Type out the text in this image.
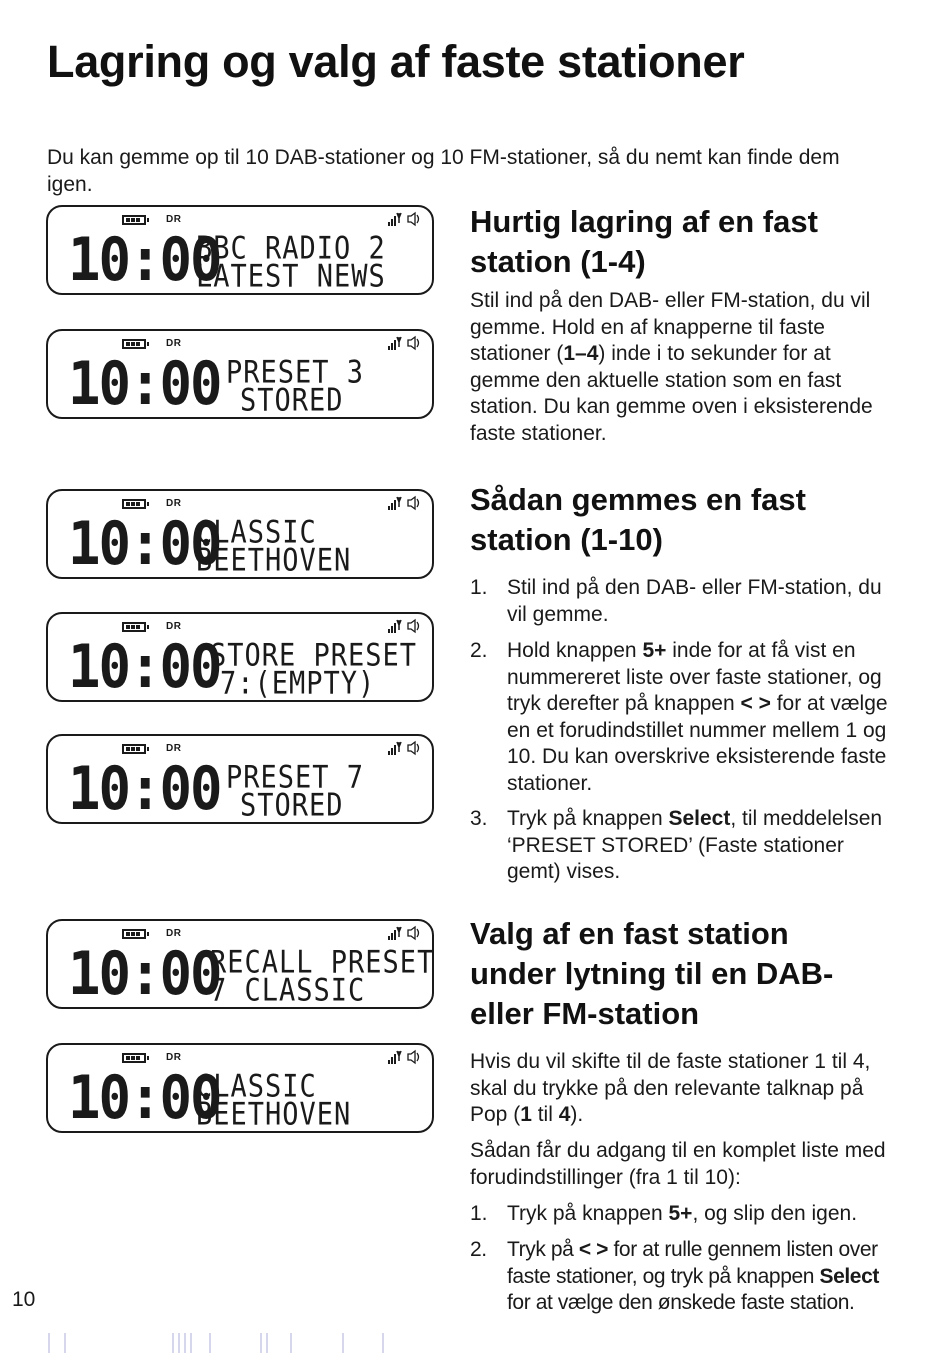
Lagring og valg af faste stationer

Du kan gemme op til 10 DAB-stationer og 10 FM-stationer, så du nemt kan finde dem igen.

DR
10:00
BBC RADIO 2
LATEST NEWS
DR
10:00 PRESET 3
STORED
DR
10:00
CLASSIC
BEETHOVEN
DR
10:00
STORE PRESET
7:(EMPTY)
DR
10:00 PRESET 7
STORED
DR
10:00
RECALL PRESET
7 CLASSIC
DR
10:00
CLASSIC
BEETHOVEN
Hurtig lagring af en fast
station (1-4)

Stil ind på den DAB- eller FM-station, du vil gemme. Hold en af knapperne til faste stationer (1–4) inde i to sekunder for at gemme den aktuelle station som en fast station. Du kan gemme oven i eksisterende faste stationer.

Sådan gemmes en fast
station (1-10)
1. Stil ind på den DAB- eller FM-station, du vil gemme.
2. Hold knappen 5+ inde for at få vist en nummereret liste over faste stationer, og tryk derefter på knappen < > for at vælge en et forudindstillet nummer mellem 1 og 10. Du kan overskrive eksisterende faste stationer.
3. Tryk på knappen Select, til meddelelsen ‘PRESET STORED’ (Faste stationer gemt) vises.
Valg af en fast station
under lytning til en DAB-
eller FM-station

Hvis du vil skifte til de faste stationer 1 til 4, skal du trykke på den relevante talknap på Pop (1 til 4).

Sådan får du adgang til en komplet liste med forudindstillinger (fra 1 til 10):

1. Tryk på knappen 5+, og slip den igen.
2. Tryk på < > for at rulle gennem listen over faste stationer, og tryk på knappen Select for at vælge den ønskede faste station.
10
